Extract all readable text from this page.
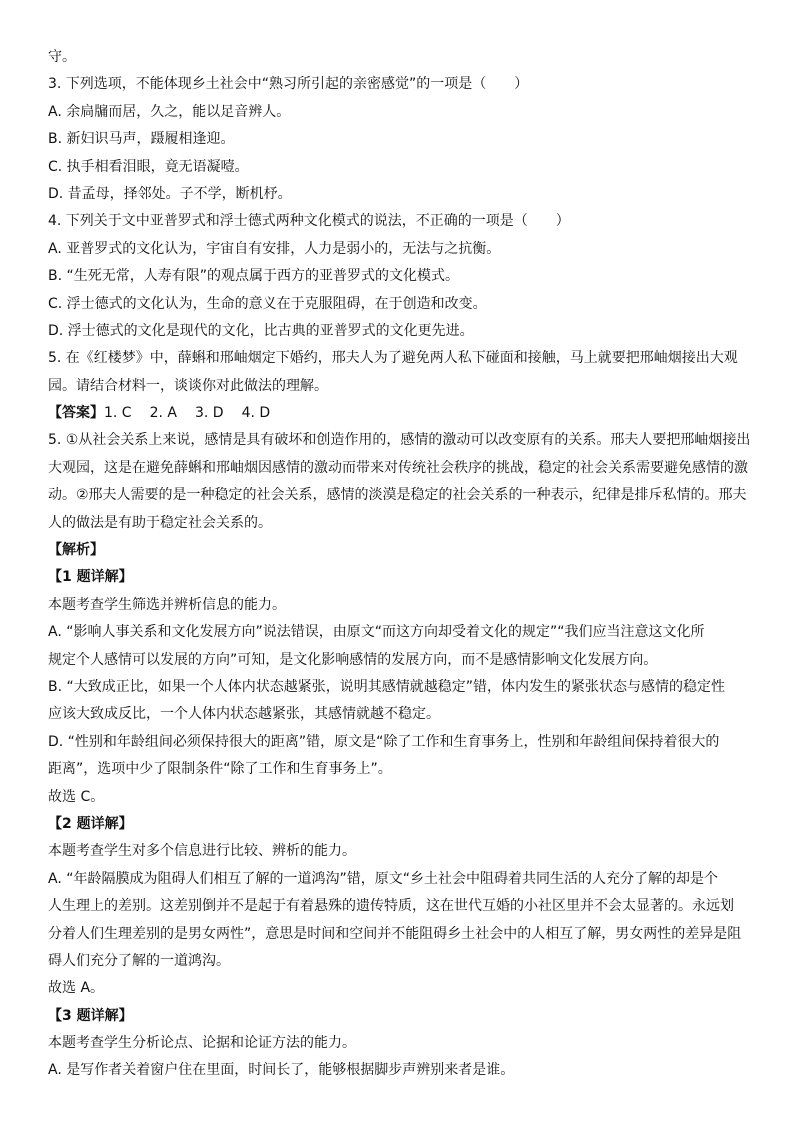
守。
3. 下列选项，不能体现乡土社会中“熟习所引起的亲密感觉”的一项是（　　）
A. 余扃牖而居，久之，能以足音辨人。
B. 新妇识马声，蹑履相逢迎。
C. 执手相看泪眼，竟无语凝噎。
D. 昔孟母，择邻处。子不学，断机杼。
4. 下列关于文中亚普罗式和浮士德式两种文化模式的说法，不正确的一项是（　　）
A. 亚普罗式的文化认为，宇宙自有安排，人力是弱小的，无法与之抗衡。
B. “生死无常，人寿有限”的观点属于西方的亚普罗式的文化模式。
C. 浮士德式的文化认为，生命的意义在于克服阻碍，在于创造和改变。
D. 浮士德式的文化是现代的文化，比古典的亚普罗式的文化更先进。
5. 在《红楼梦》中，薛蝌和邢岫烟定下婚约，邢夫人为了避免两人私下碰面和接触，马上就要把邢岫烟接出大观
园。请结合材料一，谈谈你对此做法的理解。
【答案】1. C 2. A 3. D 4. D
5. ①从社会关系上来说，感情是具有破坏和创造作用的，感情的激动可以改变原有的关系。邢夫人要把邢岫烟接出
大观园，这是在避免薛蝌和邢岫烟因感情的激动而带来对传统社会秩序的挑战，稳定的社会关系需要避免感情的激
动。②邢夫人需要的是一种稳定的社会关系，感情的淡漠是稳定的社会关系的一种表示，纪律是排斥私情的。邢夫
人的做法是有助于稳定社会关系的。
【解析】
【1 题详解】
本题考查学生筛选并辨析信息的能力。
A. “影响人事关系和文化发展方向”说法错误，由原文“而这方向却受着文化的规定”“我们应当注意这文化所
规定个人感情可以发展的方向”可知，是文化影响感情的发展方向，而不是感情影响文化发展方向。
B. “大致成正比，如果一个人体内状态越紧张，说明其感情就越稳定”错，体内发生的紧张状态与感情的稳定性
应该大致成反比，一个人体内状态越紧张，其感情就越不稳定。
D. “性别和年龄组间必须保持很大的距离”错，原文是“除了工作和生育事务上，性别和年龄组间保持着很大的
距离”，选项中少了限制条件“除了工作和生育事务上”。
故选 C。
【2 题详解】
本题考查学生对多个信息进行比较、辨析的能力。
A. “年龄隔膜成为阻碍人们相互了解的一道鸿沟”错，原文“乡土社会中阻碍着共同生活的人充分了解的却是个
人生理上的差别。这差别倒并不是起于有着悬殊的遗传特质，这在世代互婚的小社区里并不会太显著的。永远划
分着人们生理差别的是男女两性”，意思是时间和空间并不能阻碍乡土社会中的人相互了解，男女两性的差异是阻
碍人们充分了解的一道鸿沟。
故选 A。
【3 题详解】
本题考查学生分析论点、论据和论证方法的能力。
A. 是写作者关着窗户住在里面，时间长了，能够根据脚步声辨别来者是谁。
